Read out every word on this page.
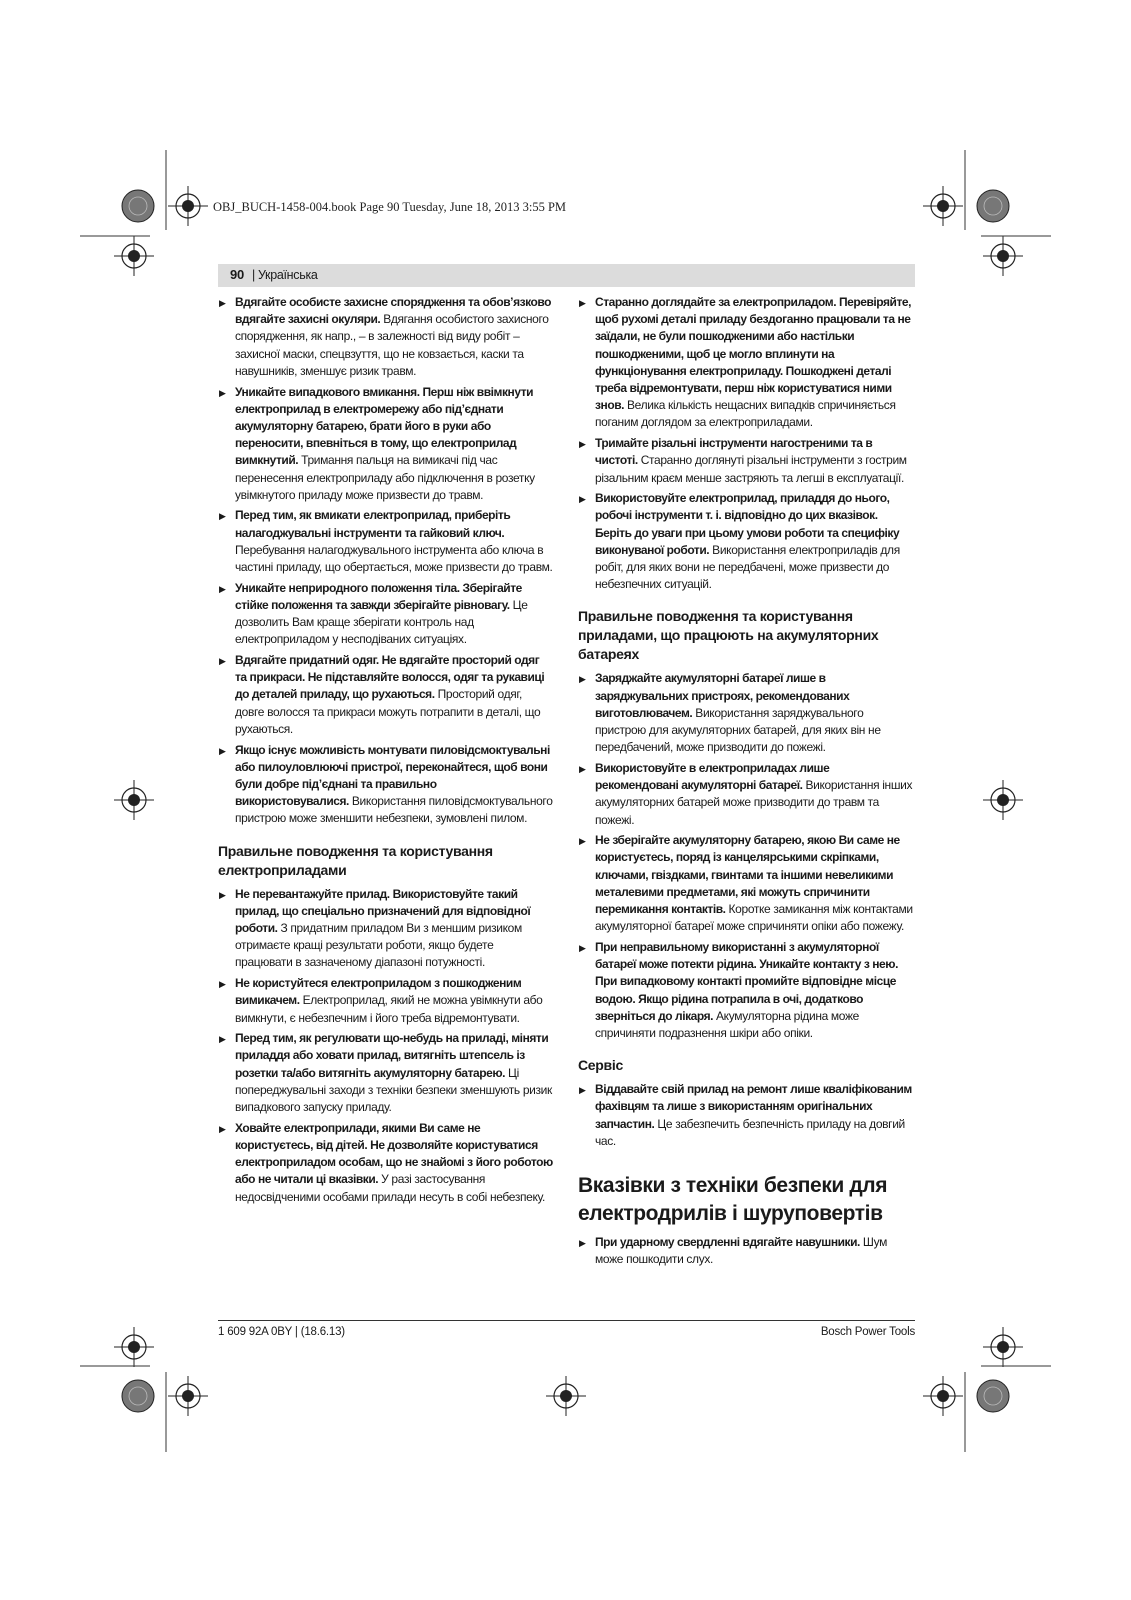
OBJ_BUCH-1458-004.book Page 90 Tuesday, June 18, 2013 3:55 PM
90
|	Українська
▶ Вдягайте особисте захисне спорядження та обов’язково вдягайте захисні окуляри. Вдягання особистого захисного спорядження, як напр., – в залежності від виду робіт – захисної маски, спецвзуття, що не ковзається, каски та навушників, зменшує ризик травм.
▶ Уникайте випадкового вмикання. Перш ніж ввімкнути електроприлад в електромережу або під’єднати акумуляторну батарею, брати його в руки або переносити, впевніться в тому, що електроприлад вимкнутий. Тримання пальця на вимикачі під час перенесення електроприладу або підключення в розетку увімкнутого приладу може призвести до травм.
▶ Перед тим, як вмикати електроприлад, приберіть налагоджувальні інструменти та гайковий ключ. Перебування налагоджувального інструмента або ключа в частині приладу, що обертається, може призвести до травм.
▶ Уникайте неприродного положення тіла. Зберігайте стійке положення та завжди зберігайте рівновагу. Це дозволить Вам краще зберігати контроль над електроприладом у несподіваних ситуаціях.
▶ Вдягайте придатний одяг. Не вдягайте просторий одяг та прикраси. Не підставляйте волосся, одяг та рукавиці до деталей приладу, що рухаються. Просторий одяг, довге волосся та прикраси можуть потрапити в деталі, що рухаються.
▶ Якщо існує можливість монтувати пиловідсмоктувальні або пилоуловлюючі пристрої, переконайтеся, щоб вони були добре під’єднані та правильно використовувалися. Використання пиловідсмоктувального пристрою може зменшити небезпеки, зумовлені пилом.
Правильне поводження та користування електроприладами
▶ Не перевантажуйте прилад. Використовуйте такий прилад, що спеціально призначений для відповідної роботи. З придатним приладом Ви з меншим ризиком отримаєте кращі результати роботи, якщо будете працювати в зазначеному діапазоні потужності.
▶ Не користуйтеся електроприладом з пошкодженим вимикачем. Електроприлад, який не можна увімкнути або вимкнути, є небезпечним і його треба відремонтувати.
▶ Перед тим, як регулювати що-небудь на приладі, міняти приладдя або ховати прилад, витягніть штепсель із розетки та/або витягніть акумуляторну батарею. Ці попереджувальні заходи з техніки безпеки зменшують ризик випадкового запуску приладу.
▶ Ховайте електроприлади, якими Ви саме не користуєтесь, від дітей. Не дозволяйте користуватися електроприладом особам, що не знайомі з його роботою або не читали ці вказівки. У разі застосування недосвідченими особами прилади несуть в собі небезпеку.
▶ Старанно доглядайте за електроприладом. Перевіряйте, щоб рухомі деталі приладу бездоганно працювали та не заїдали, не були пошкодженими або настільки пошкодженими, щоб це могло вплинути на функціонування електроприладу. Пошкоджені деталі треба відремонтувати, перш ніж користуватися ними знов. Велика кількість нещасних випадків спричиняється поганим доглядом за електроприладами.
▶ Тримайте різальні інструменти нагостреними та в чистоті. Старанно доглянуті різальні інструменти з гострим різальним краєм менше застряють та легші в експлуатації.
▶ Використовуйте електроприлад, приладдя до нього, робочі інструменти т. і. відповідно до цих вказівок. Беріть до уваги при цьому умови роботи та специфіку виконуваної роботи. Використання електроприладів для робіт, для яких вони не передбачені, може призвести до небезпечних ситуацій.
Правильне поводження та користування приладами, що працюють на акумуляторних батареях
▶ Заряджайте акумуляторні батареї лише в заряджувальних пристроях, рекомендованих виготовлювачем. Використання заряджувального пристрою для акумуляторних батарей, для яких він не передбачений, може призводити до пожежі.
▶ Використовуйте в електроприладах лише рекомендовані акумуляторні батареї. Використання інших акумуляторних батарей може призводити до травм та пожежі.
▶ Не зберігайте акумуляторну батарею, якою Ви саме не користуєтесь, поряд із канцелярськими скріпками, ключами, гвіздками, гвинтами та іншими невеликими металевими предметами, які можуть спричинити перемикання контактів. Коротке замикання між контактами акумуляторної батареї може спричиняти опіки або пожежу.
▶ При неправильному використанні з акумуляторної батареї може потекти рідина. Уникайте контакту з нею. При випадковому контакті промийте відповідне місце водою. Якщо рідина потрапила в очі, додатково зверніться до лікаря. Акумуляторна рідина може спричиняти подразнення шкіри або опіки.
Сервіс
▶ Віддавайте свій прилад на ремонт лише кваліфікованим фахівцям та лише з використанням оригінальних запчастин. Це забезпечить безпечність приладу на довгий час.
Вказівки з техніки безпеки для електродрилів і шуруповертів
▶ При ударному свердленні вдягайте навушники. Шум може пошкодити слух.
1 609 92A 0BY | (18.6.13)	Bosch Power Tools
